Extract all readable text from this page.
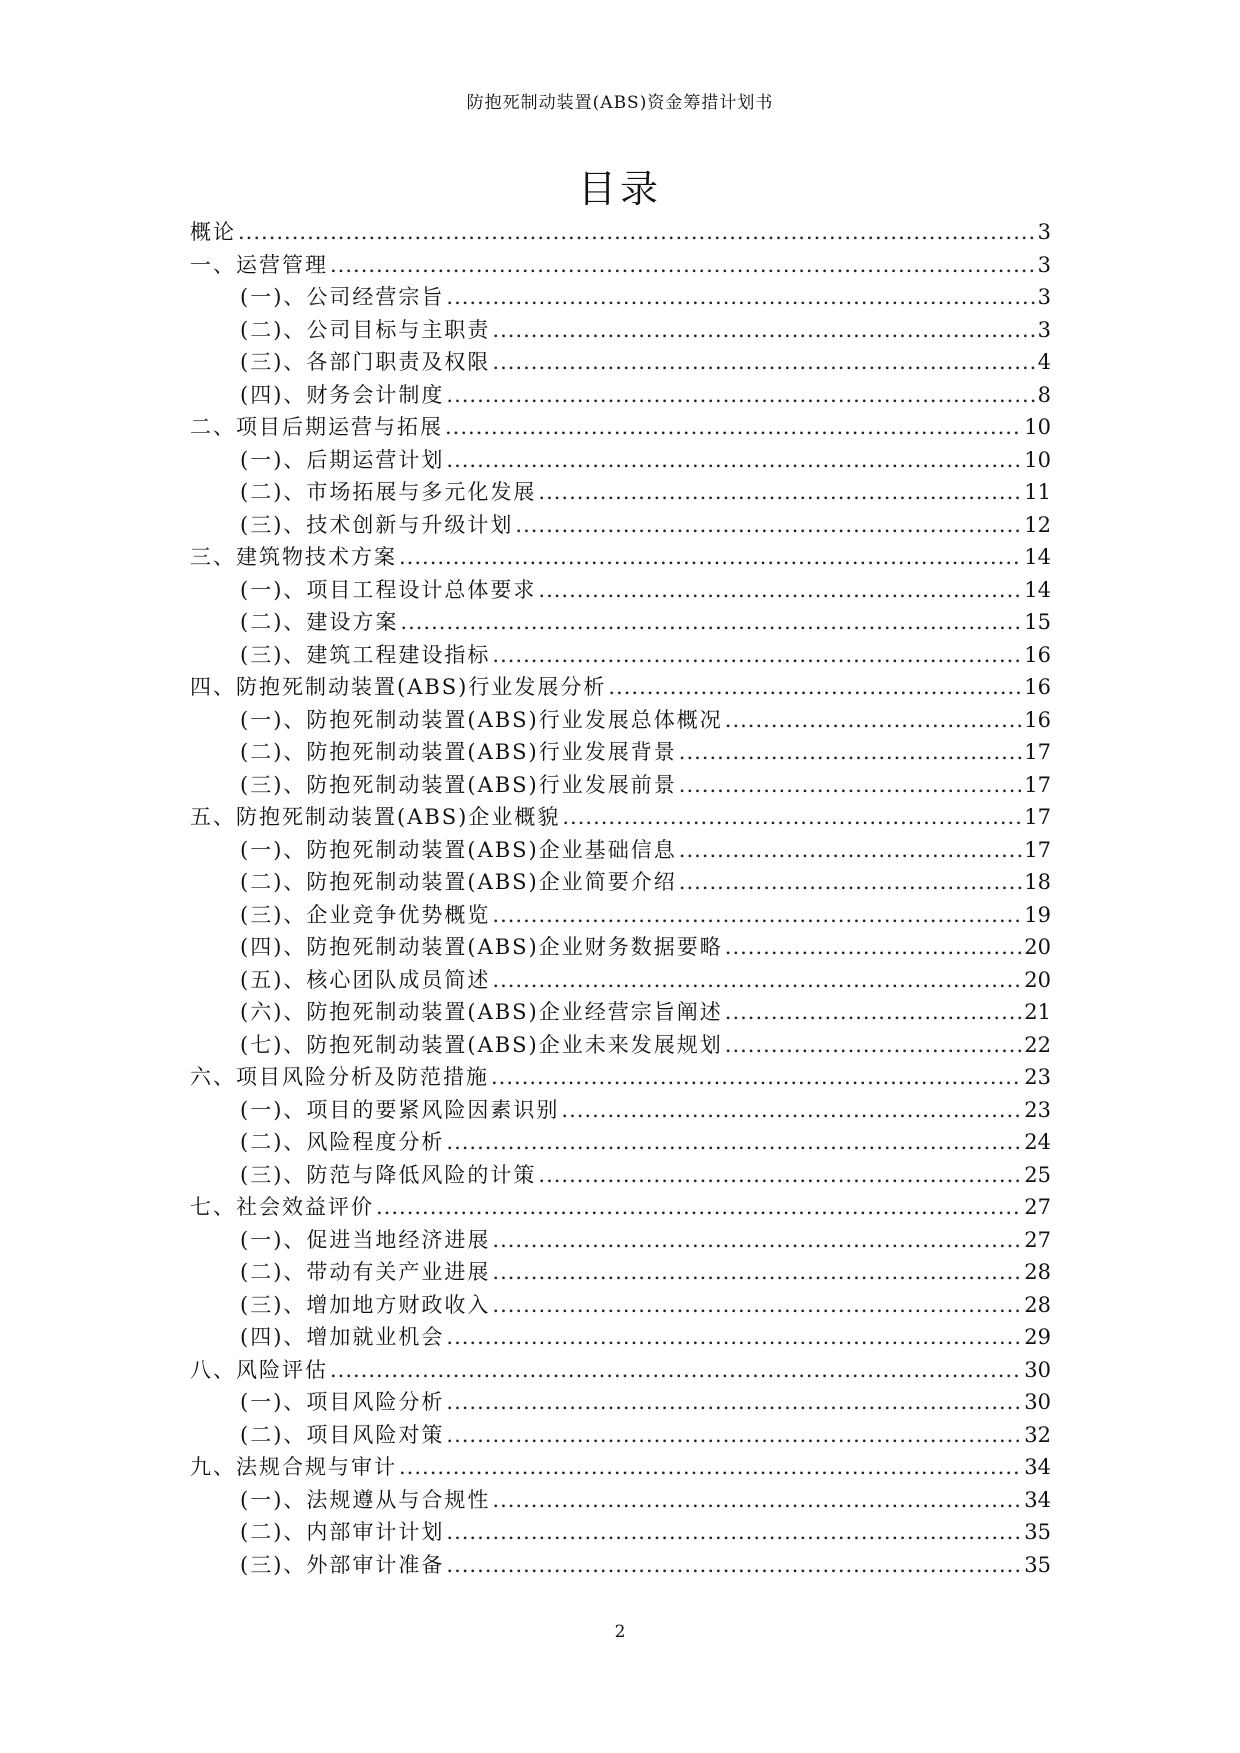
防抱死制动装置(ABS)资金筹措计划书
目录
概论 .....	3
一、运营管理 .....	3
(一)、公司经营宗旨 .....	3
(二)、公司目标与主职责 .....	3
(三)、各部门职责及权限 .....	4
(四)、财务会计制度 .....	8
二、项目后期运营与拓展 .....	10
(一)、后期运营计划 .....	10
(二)、市场拓展与多元化发展 .....	11
(三)、技术创新与升级计划 .....	12
三、建筑物技术方案 .....	14
(一)、项目工程设计总体要求 .....	14
(二)、建设方案 .....	15
(三)、建筑工程建设指标 .....	16
四、防抱死制动装置(ABS)行业发展分析 .....	16
(一)、防抱死制动装置(ABS)行业发展总体概况 .....	16
(二)、防抱死制动装置(ABS)行业发展背景 .....	17
(三)、防抱死制动装置(ABS)行业发展前景 .....	17
五、防抱死制动装置(ABS)企业概貌 .....	17
(一)、防抱死制动装置(ABS)企业基础信息 .....	17
(二)、防抱死制动装置(ABS)企业简要介绍 .....	18
(三)、企业竞争优势概览 .....	19
(四)、防抱死制动装置(ABS)企业财务数据要略 .....	20
(五)、核心团队成员简述 .....	20
(六)、防抱死制动装置(ABS)企业经营宗旨阐述 .....	21
(七)、防抱死制动装置(ABS)企业未来发展规划 .....	22
六、项目风险分析及防范措施 .....	23
(一)、项目的要紧风险因素识别 .....	23
(二)、风险程度分析 .....	24
(三)、防范与降低风险的计策 .....	25
七、社会效益评价 .....	27
(一)、促进当地经济进展 .....	27
(二)、带动有关产业进展 .....	28
(三)、增加地方财政收入 .....	28
(四)、增加就业机会 .....	29
八、风险评估 .....	30
(一)、项目风险分析 .....	30
(二)、项目风险对策 .....	32
九、法规合规与审计 .....	34
(一)、法规遵从与合规性 .....	34
(二)、内部审计计划 .....	35
(三)、外部审计准备 .....	35
2
